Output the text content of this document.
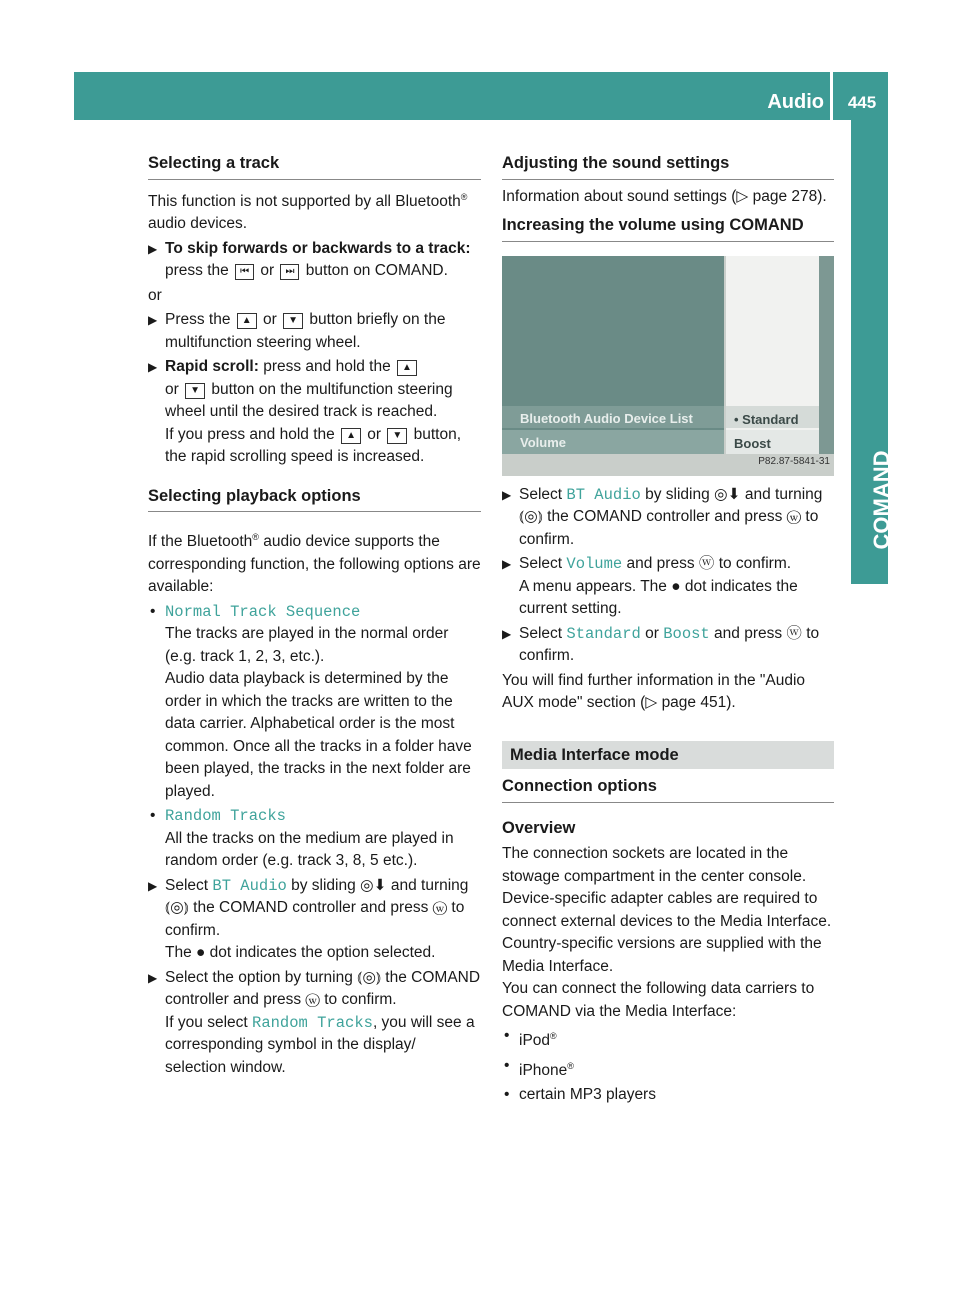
Audio	445
COMAND
Selecting a track

This function is not supported by all Bluetooth® audio devices.

▶ To skip forwards or backwards to a track: press the ⏮ or ⏭ button on COMAND.

or

▶ Press the ▲ or ▼ button briefly on the multifunction steering wheel.
▶ Rapid scroll: press and hold the ▲
or ▼ button on the multifunction steering wheel until the desired track is reached.
If you press and hold the ▲ or ▼ button, the rapid scrolling speed is increased.
Selecting playback options

If the Bluetooth® audio device supports the corresponding function, the following options are available:

• Normal Track Sequence

The tracks are played in the normal order (e.g. track 1, 2, 3, etc.).

Audio data playback is determined by the order in which the tracks are written to the data carrier. Alphabetical order is the most common. Once all the tracks in a folder have been played, the tracks in the next folder are played.

• Random Tracks

All the tracks on the medium are played in random order (e.g. track 3, 8, 5 etc.).

▶ Select BT Audio by sliding ◎⬇ and turning ⦅◎⦆ the COMAND controller and press ⓦ to confirm.
The ● dot indicates the option selected.
▶ Select the option by turning ⦅◎⦆ the COMAND controller and press ⓦ to confirm.
If you select Random Tracks, you will see a corresponding symbol in the display/ selection window.
Adjusting the sound settings

Information about sound settings (▷ page 278).

Increasing the volume using COMAND
Bluetooth Audio Device List
Volume
• Standard
Boost
P82.87-5841-31
▶ Select BT Audio by sliding ◎⬇ and turning ⦅◎⦆ the COMAND controller and press ⓦ to confirm.
▶ Select Volume and press ⓦ to confirm.
A menu appears. The ● dot indicates the current setting.
▶ Select Standard or Boost and press ⓦ to confirm.

You will find further information in the "Audio AUX mode" section (▷ page 451).

Media Interface mode
Connection options
Overview

The connection sockets are located in the stowage compartment in the center console.

Device-specific adapter cables are required to connect external devices to the Media Interface. Country-specific versions are supplied with the Media Interface.

You can connect the following data carriers to COMAND via the Media Interface:

• iPod®
• iPhone®
• certain MP3 players
